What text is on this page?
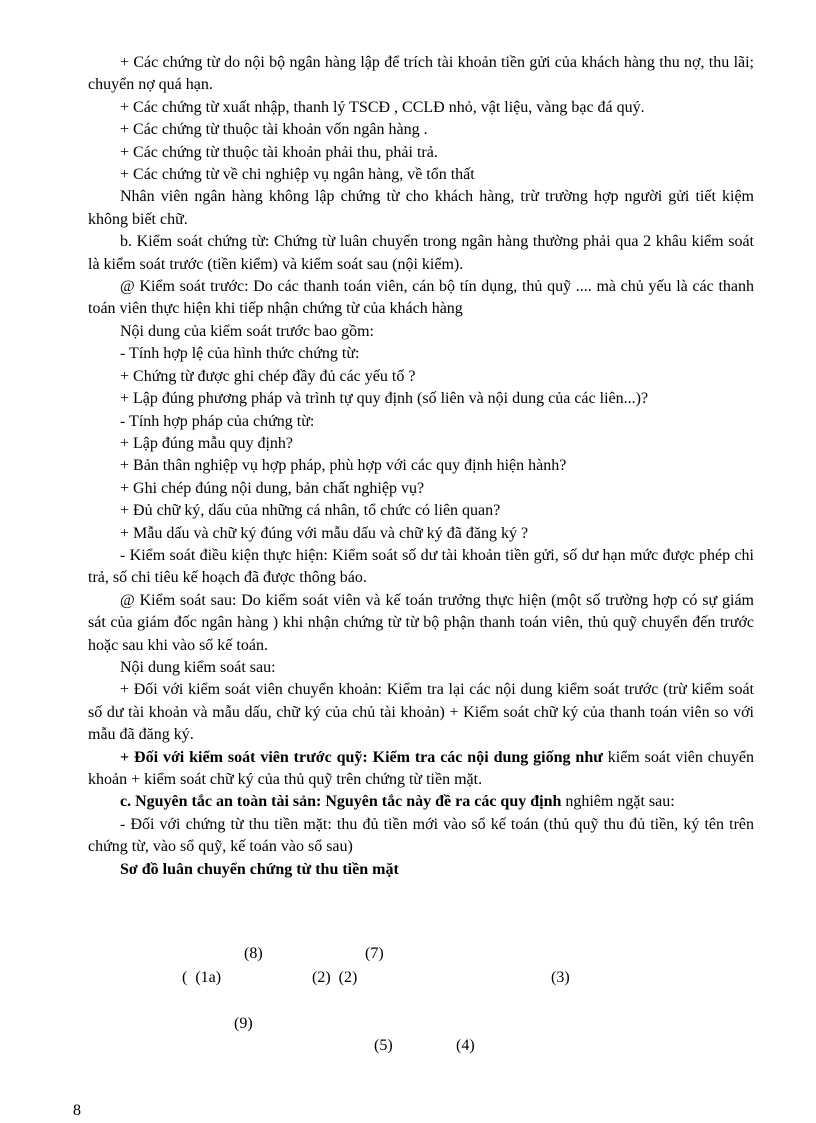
+ Các chứng từ do nội bộ ngân hàng lập để trích tài khoản tiền gửi của khách hàng thu nợ, thu lãi; chuyển nợ quá hạn.

+ Các chứng từ xuất nhập, thanh lý TSCĐ , CCLĐ nhỏ, vật liệu, vàng bạc đá quý.

+ Các chứng từ thuộc tài khoản vốn ngân hàng .

+ Các chứng từ thuộc tài khoản phải thu, phải trả.

+ Các chứng từ về chi nghiệp vụ ngân hàng, về tổn thất

Nhân viên ngân hàng không lập chứng từ cho khách hàng, trừ trường hợp người gửi tiết kiệm không biết chữ.

b. Kiểm soát chứng từ: Chứng từ luân chuyển trong ngân hàng thường phải qua 2 khâu kiểm soát là kiểm soát trước (tiền kiểm) và kiểm soát sau (nội kiểm).

@ Kiểm soát trước: Do các thanh toán viên, cán bộ tín dụng, thủ quỹ .... mà chủ yếu là các thanh toán viên thực hiện khi tiếp nhận chứng từ của khách hàng

Nội dung của kiểm soát trước bao gồm:

- Tính hợp lệ của hình thức chứng từ:

+ Chứng từ được ghi chép đầy đủ các yếu tố ?

+ Lập đúng phương pháp và trình tự quy định (số liên và nội dung của các liên...)?

- Tính hợp pháp của chứng từ:

+ Lập đúng mẫu quy định?

+ Bản thân nghiệp vụ hợp pháp, phù hợp với các quy định hiện hành?

+ Ghi chép đúng nội dung, bản chất nghiệp vụ?

+ Đủ chữ ký, dấu của những cá nhân, tổ chức có liên quan?

+ Mẫu dấu và chữ ký đúng với mẫu dấu và chữ ký đã đăng ký ?

- Kiểm soát điều kiện thực hiện: Kiểm soát số dư tài khoản tiền gửi, số dư hạn mức được phép chi trả, số chi tiêu kế hoạch đã được thông báo.

@ Kiểm soát sau: Do kiểm soát viên và kế toán trưởng thực hiện (một số trường hợp có sự giám sát của giám đốc ngân hàng ) khi nhận chứng từ từ bộ phận thanh toán viên, thủ quỹ chuyển đến trước hoặc sau khi vào sổ kế toán.

Nội dung kiểm soát sau:

+ Đối với kiểm soát viên chuyển khoản: Kiểm tra lại các nội dung kiểm soát trước (trừ kiểm soát số dư tài khoản và mẫu dấu, chữ ký của chủ tài khoản) + Kiểm soát chữ ký của thanh toán viên so với mẫu đã đăng ký.

+ Đối với kiểm soát viên trước quỹ: Kiểm tra các nội dung giống như kiểm soát viên chuyển khoản + kiểm soát chữ ký của thủ quỹ trên chứng từ tiền mặt.

c. Nguyên tắc an toàn tài sản: Nguyên tắc này đề ra các quy định nghiêm ngặt sau:

- Đối với chứng từ thu tiền mặt: thu đủ tiền mới vào sổ kế toán (thủ quỹ thu đủ tiền, ký tên trên chứng từ, vào sổ quỹ, kế toán vào sổ sau)

Sơ đồ luân chuyển chứng từ thu tiền mặt

(8)	(7)
(  (1a)	(2)  (2)	(3)
(9)
(5)	(4)
8
